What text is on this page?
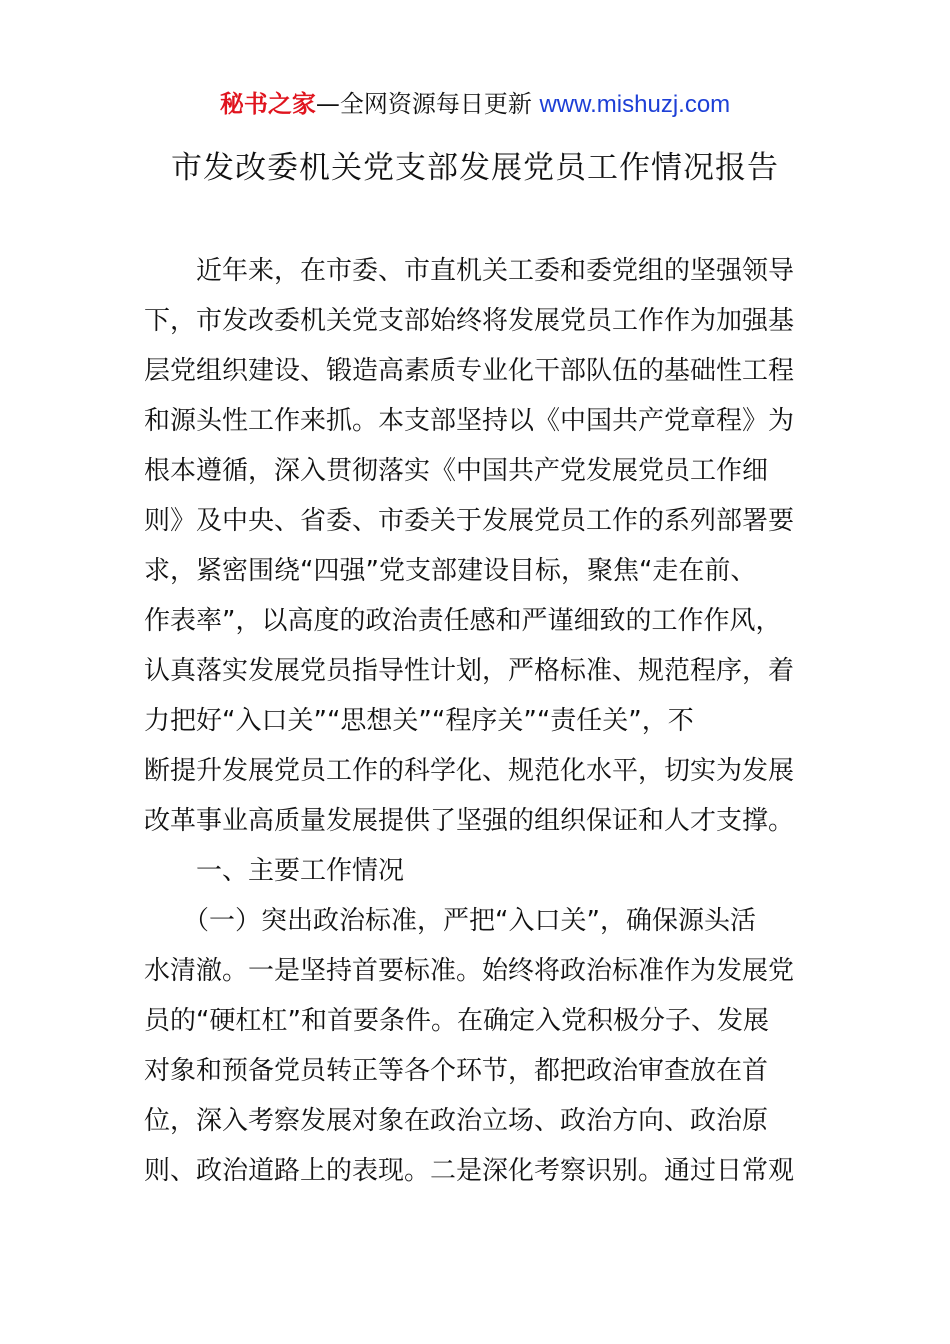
秘书之家—全网资源每日更新 www.mishuzj.com
市发改委机关党支部发展党员工作情况报告
　　近年来，在市委、市直机关工委和委党组的坚强领导
下，市发改委机关党支部始终将发展党员工作作为加强基
层党组织建设、锻造高素质专业化干部队伍的基础性工程
和源头性工作来抓。本支部坚持以《中国共产党章程》为
根本遵循，深入贯彻落实《中国共产党发展党员工作细
则》及中央、省委、市委关于发展党员工作的系列部署要
求，紧密围绕“四强”党支部建设目标，聚焦“走在前、
作表率”，以高度的政治责任感和严谨细致的工作作风，
认真落实发展党员指导性计划，严格标准、规范程序，着
力把好“入口关”“思想关”“程序关”“责任关”，不
断提升发展党员工作的科学化、规范化水平，切实为发展
改革事业高质量发展提供了坚强的组织保证和人才支撑。
　　一、主要工作情况
　　（一）突出政治标准，严把“入口关”，确保源头活
水清澈。一是坚持首要标准。始终将政治标准作为发展党
员的“硬杠杠”和首要条件。在确定入党积极分子、发展
对象和预备党员转正等各个环节，都把政治审查放在首
位，深入考察发展对象在政治立场、政治方向、政治原
则、政治道路上的表现。二是深化考察识别。通过日常观
